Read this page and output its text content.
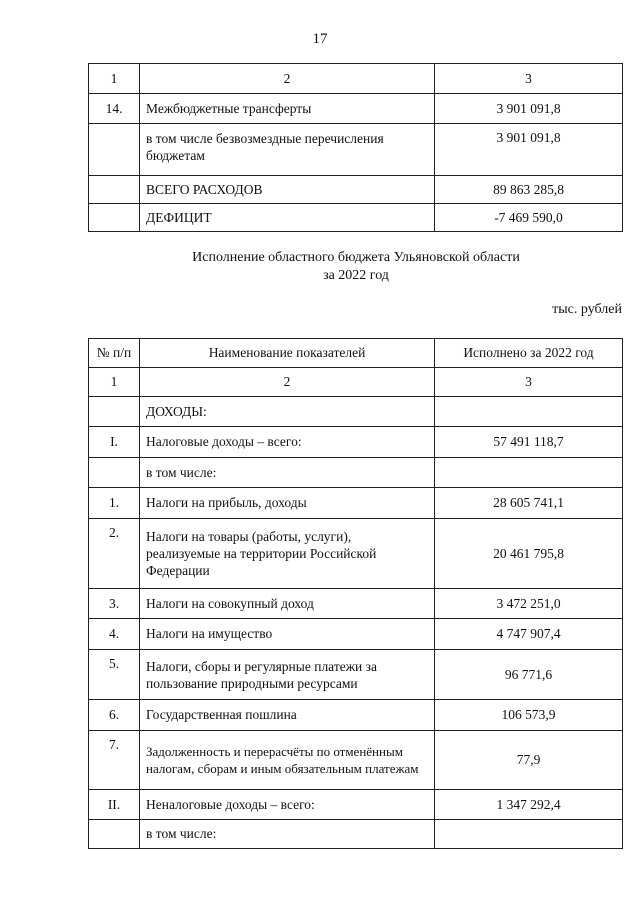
17
1	2	3
14.	Межбюджетные трансферты	3 901 091,8
	в том числе безвозмездные перечисления бюджетам	3 901 091,8
	ВСЕГО РАСХОДОВ	89 863 285,8
	ДЕФИЦИТ	-7 469 590,0
Исполнение областного бюджета Ульяновской области
за 2022 год
тыс. рублей
№ п/п	Наименование показателей	Исполнено за 2022 год
1	2	3
	ДОХОДЫ:	
I.	Налоговые доходы – всего:	57 491 118,7
	в том числе:	
1.	Налоги на прибыль, доходы	28 605 741,1
2.	Налоги на товары (работы, услуги), реализуемые на территории Российской Федерации	20 461 795,8
3.	Налоги на совокупный доход	3 472 251,0
4.	Налоги на имущество	4 747 907,4
5.	Налоги, сборы и регулярные платежи за пользование природными ресурсами	96 771,6
6.	Государственная пошлина	106 573,9
7.	Задолженность и перерасчёты по отменённым налогам, сборам и иным обязательным платежам	77,9
II.	Неналоговые доходы – всего:	1 347 292,4
	в том числе:	
